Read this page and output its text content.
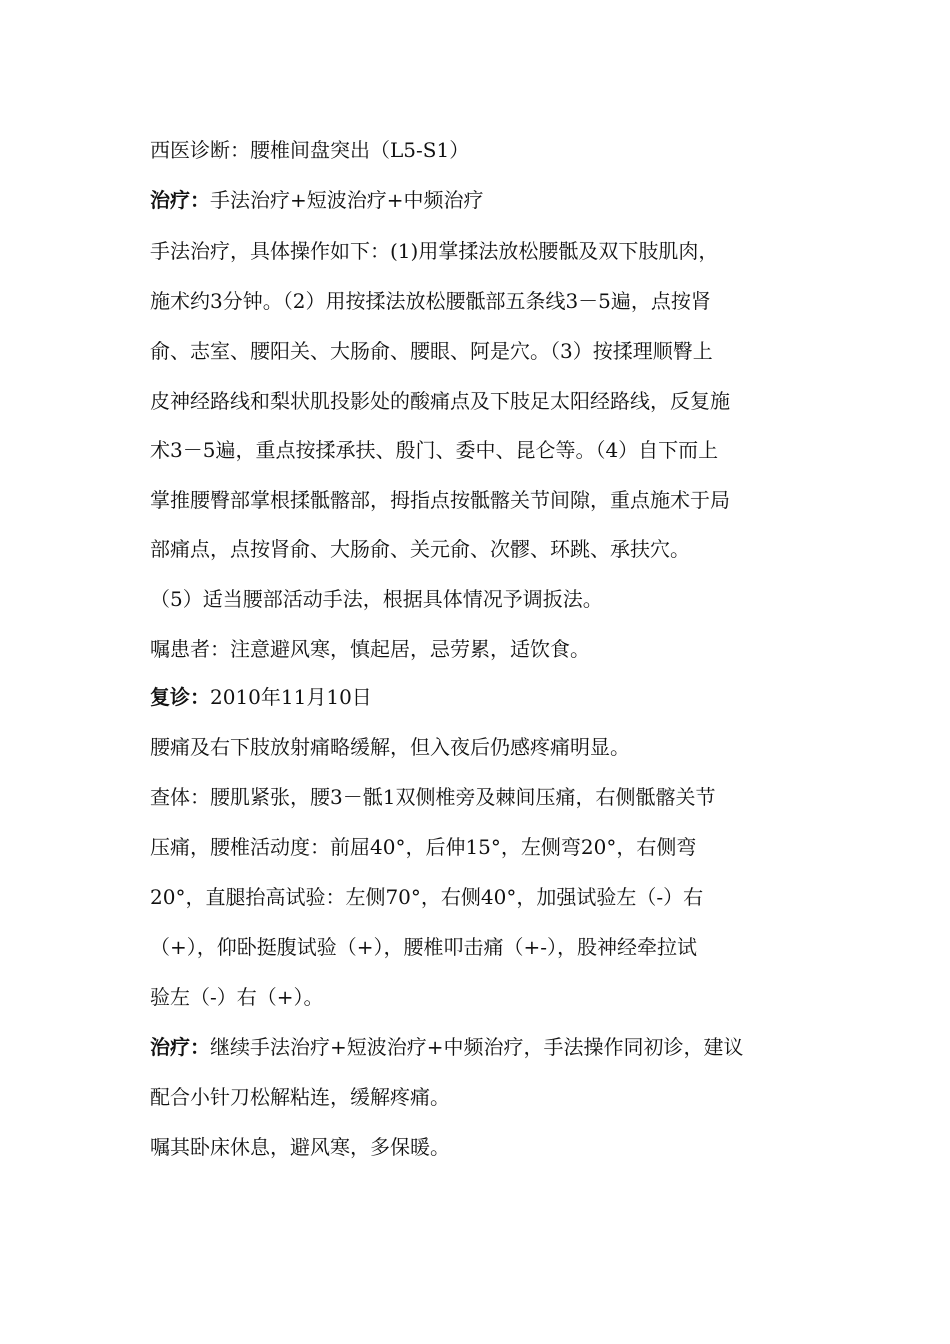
西医诊断：腰椎间盘突出（L5-S1）

治疗：手法治疗+短波治疗+中频治疗

手法治疗，具体操作如下：(1)用掌揉法放松腰骶及双下肢肌肉，

施术约3分钟。（2）用按揉法放松腰骶部五条线3－5遍，点按肾

俞、志室、腰阳关、大肠俞、腰眼、阿是穴。（3）按揉理顺臀上

皮神经路线和梨状肌投影处的酸痛点及下肢足太阳经路线，反复施

术3－5遍，重点按揉承扶、殷门、委中、昆仑等。（4）自下而上

掌推腰臀部掌根揉骶髂部，拇指点按骶髂关节间隙，重点施术于局

部痛点，点按肾俞、大肠俞、关元俞、次髎、环跳、承扶穴。

（5）适当腰部活动手法，根据具体情况予调扳法。

嘱患者：注意避风寒，慎起居，忌劳累，适饮食。

复诊：2010年11月10日

腰痛及右下肢放射痛略缓解，但入夜后仍感疼痛明显。

查体：腰肌紧张，腰3－骶1双侧椎旁及棘间压痛，右侧骶髂关节

压痛，腰椎活动度：前屈40°，后伸15°，左侧弯20°，右侧弯

20°，直腿抬高试验：左侧70°，右侧40°，加强试验左（-）右

（+），仰卧挺腹试验（+），腰椎叩击痛（+-），股神经牵拉试

验左（-）右（+）。

治疗：继续手法治疗+短波治疗+中频治疗，手法操作同初诊，建议

配合小针刀松解粘连，缓解疼痛。

嘱其卧床休息，避风寒，多保暖。
